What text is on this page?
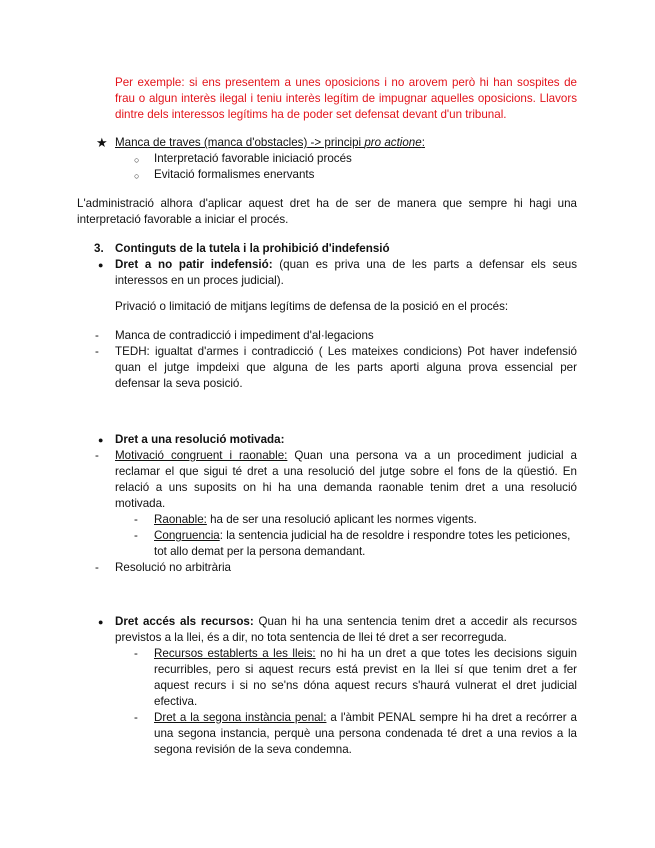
Per exemple: si ens presentem a unes oposicions i no arovem però hi han sospites de
frau o algun interès ilegal i teniu interès legítim de impugnar aquelles oposicions. Llavors
dintre dels interessos legítims ha de poder set defensat devant d'un tribunal.
★ Manca de traves (manca d'obstacles) -> principi pro actione:
○ Interpretació favorable iniciació procés
○ Evitació formalismes enervants
L'administració alhora d'aplicar aquest dret ha de ser de manera que sempre hi hagi una
interpretació favorable a iniciar el procés.
3. Continguts de la tutela i la prohibició d'indefensió
● Dret a no patir indefensió: (quan es priva una de les parts a defensar els seus
interessos en un proces judicial).
Privació o limitació de mitjans legítims de defensa de la posició en el procés:
- Manca de contradicció i impediment d'al·legacions
- TEDH: igualtat d'armes i contradicció ( Les mateixes condicions) Pot haver indefensió
quan el jutge impdeixi que alguna de les parts aporti alguna prova essencial per
defensar la seva posició.
● Dret a una resolució motivada:
- Motivació congruent i raonable: Quan una persona va a un procediment judicial a
reclamar el que sigui té dret a una resolució del jutge sobre el fons de la qüestió. En
relació a uns suposits on hi ha una demanda raonable tenim dret a una resolució
motivada.
- Raonable: ha de ser una resolució aplicant les normes vigents.
- Congruencia: la sentencia judicial ha de resoldre i respondre totes les peticiones,
tot allo demat per la persona demandant.
- Resolució no arbitrària
● Dret accés als recursos: Quan hi ha una sentencia tenim dret a accedir als recursos
previstos a la llei, és a dir, no tota sentencia de llei té dret a ser recorreguda.
- Recursos establerts a les lleis: no hi ha un dret a que totes les decisions siguin
recurribles, pero si aquest recurs está previst en la llei sí que tenim dret a fer
aquest recurs i si no se'ns dóna aquest recurs s'haurá vulnerat el dret judicial
efectiva.
- Dret a la segona instància penal: a l'àmbit PENAL sempre hi ha dret a recórrer a
una segona instancia, perquè una persona condenada té dret a una revios a la
segona revisión de la seva condemna.
